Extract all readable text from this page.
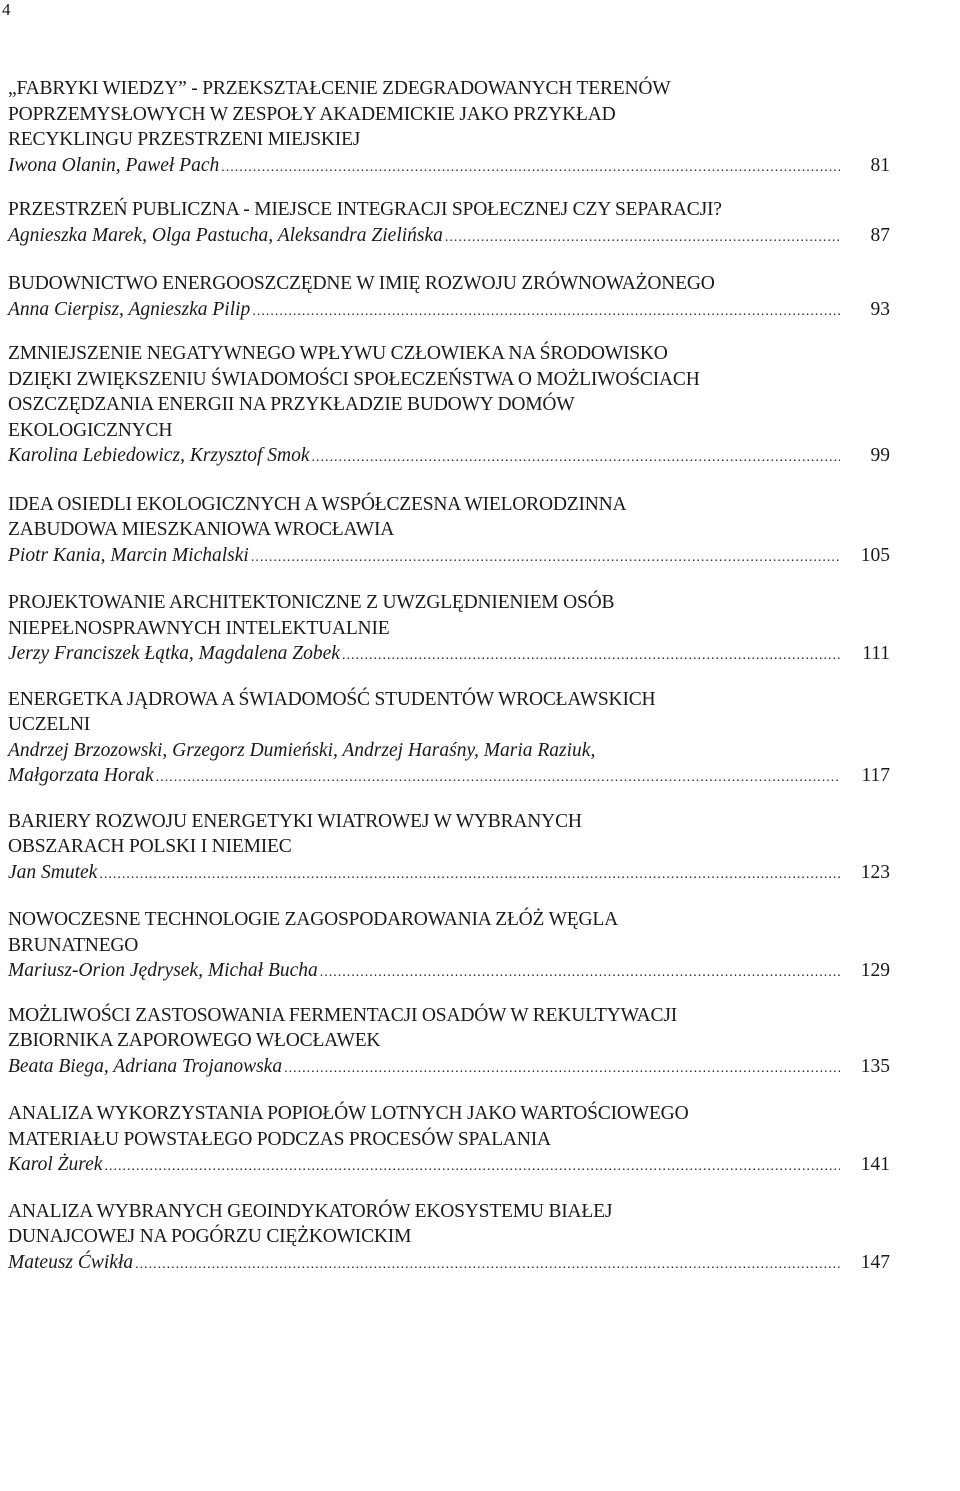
4
„FABRYKI WIEDZY” - PRZEKSZTAŁCENIE ZDEGRADOWANYCH TERENÓW
POPRZEMYSŁOWYCH W ZESPOŁY AKADEMICKIE JAKO PRZYKŁAD
RECYKLINGU PRZESTRZENI MIEJSKIEJ
Iwona Olanin, Paweł Pach .....	81
PRZESTRZEŃ PUBLICZNA - MIEJSCE INTEGRACJI SPOŁECZNEJ CZY SEPARACJI?
Agnieszka Marek, Olga Pastucha, Aleksandra Zielińska .....	87
BUDOWNICTWO ENERGOOSZCZĘDNE W IMIĘ ROZWOJU ZRÓWNOWAŻONEGO
Anna Cierpisz, Agnieszka Pilip .....	93
ZMNIEJSZENIE NEGATYWNEGO WPŁYWU CZŁOWIEKA NA ŚRODOWISKO
DZIĘKI ZWIĘKSZENIU ŚWIADOMOŚCI SPOŁECZEŃSTWA O MOŻLIWOŚCIACH
OSZCZĘDZANIA ENERGII NA PRZYKŁADZIE BUDOWY DOMÓW
EKOLOGICZNYCH
Karolina Lebiedowicz, Krzysztof Smok .....	99
IDEA OSIEDLI EKOLOGICZNYCH A WSPÓŁCZESNA WIELORODZINNA
ZABUDOWA MIESZKANIOWA WROCŁAWIA
Piotr Kania, Marcin Michalski .....	105
PROJEKTOWANIE ARCHITEKTONICZNE Z UWZGLĘDNIENIEM OSÓB
NIEPEŁNOSPRAWNYCH INTELEKTUALNIE
Jerzy Franciszek Łątka, Magdalena Zobek .....	111
ENERGETKA JĄDROWA A ŚWIADOMOŚĆ STUDENTÓW WROCŁAWSKICH
UCZELNI
Andrzej Brzozowski, Grzegorz Dumieński, Andrzej Haraśny, Maria Raziuk,
Małgorzata Horak .....	117
BARIERY ROZWOJU ENERGETYKI WIATROWEJ W WYBRANYCH
OBSZARACH POLSKI I NIEMIEC
Jan Smutek .....	123
NOWOCZESNE TECHNOLOGIE ZAGOSPODAROWANIA ZŁÓŻ WĘGLA
BRUNATNEGO
Mariusz-Orion Jędrysek, Michał Bucha .....	129
MOŻLIWOŚCI ZASTOSOWANIA FERMENTACJI OSADÓW W REKULTYWACJI
ZBIORNIKA ZAPOROWEGO WŁOCŁAWEK
Beata Biega, Adriana Trojanowska .....	135
ANALIZA WYKORZYSTANIA POPIOŁÓW LOTNYCH JAKO WARTOŚCIOWEGO
MATERIAŁU POWSTAŁEGO PODCZAS PROCESÓW SPALANIA
Karol Żurek .....	141
ANALIZA WYBRANYCH GEOINDYKATORÓW EKOSYSTEMU BIAŁEJ
DUNAJCOWEJ NA POGÓRZU CIĘŻKOWICKIM
Mateusz Ćwikła .....	147
